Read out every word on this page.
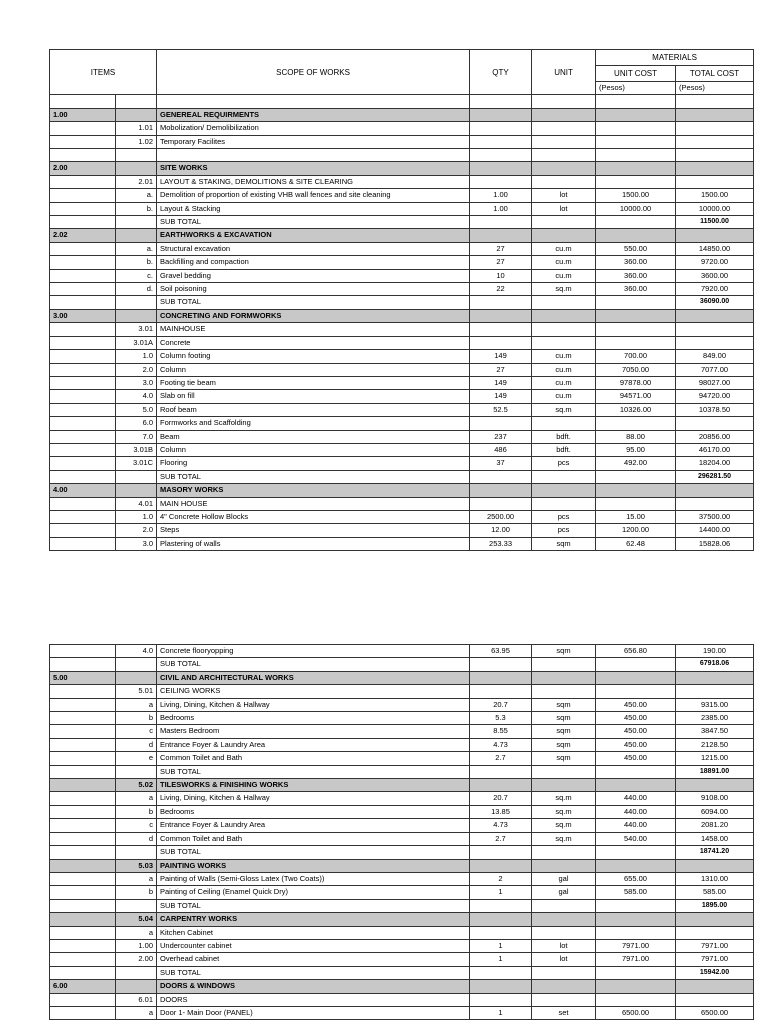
ITEMS		SCOPE OF WORKS	QTY	UNIT	MATERIALS	
					UNIT COST	TOTAL COST
					(Pesos)	(Pesos)

1.00		GENEREAL REQUIRMENTS				
	1.01	Mobolization/ Demolibilization				
	1.02	Temporary Facilites				

2.00		SITE WORKS				
	2.01	LAYOUT & STAKING, DEMOLITIONS & SITE CLEARING				
	a.	Demolition of proportion of existing VHB wall fences and site cleaning	1.00	lot	1500.00	1500.00
	b.	Layout & Stacking	1.00	lot	10000.00	10000.00
		SUB TOTAL				11500.00
2.02		EARTHWORKS & EXCAVATION				
	a.	Structural excavation	27	cu.m	550.00	14850.00
	b.	Backfilling and compaction	27	cu.m	360.00	9720.00
	c.	Gravel bedding	10	cu.m	360.00	3600.00
	d.	Soil poisoning	22	sq.m	360.00	7920.00
		SUB TOTAL				36090.00
3.00		CONCRETING AND FORMWORKS				
	3.01	MAINHOUSE				
	3.01A	Concrete				
	1.0	Column footing	149	cu.m	700.00	849.00
	2.0	Column	27	cu.m	7050.00	7077.00
	3.0	Footing tie beam	149	cu.m	97878.00	98027.00
	4.0	Slab on fill	149	cu.m	94571.00	94720.00
	5.0	Roof beam	52.5	sq.m	10326.00	10378.50
	6.0	Formworks and Scaffolding				
	7.0	Beam	237	bdft.	88.00	20856.00
	3.01B	Column	486	bdft.	95.00	46170.00
	3.01C	Flooring	37	pcs	492.00	18204.00
		SUB TOTAL				296281.50
4.00		MASORY WORKS				
	4.01	MAIN HOUSE				
	1.0	4" Concrete Hollow Blocks	2500.00	pcs	15.00	37500.00
	2.0	Steps	12.00	pcs	1200.00	14400.00
	3.0	Plastering of walls	253.33	sqm	62.48	15828.06
	4.0	Concrete flooryopping	63.95	sqm	656.80	190.00
		SUB TOTAL				67918.06
5.00		CIVIL AND ARCHITECTURAL WORKS				
	5.01	CEILING WORKS				
	a	Living, Dining, Kitchen & Hallway	20.7	sqm	450.00	9315.00
	b	Bedrooms	5.3	sqm	450.00	2385.00
	c	Masters Bedroom	8.55	sqm	450.00	3847.50
	d	Entrance Foyer & Laundry Area	4.73	sqm	450.00	2128.50
	e	Common Toilet and Bath	2.7	sqm	450.00	1215.00
		SUB TOTAL				18891.00
	5.02	TILESWORKS & FINISHING WORKS				
	a	Living, Dining, Kitchen & Hallway	20.7	sq.m	440.00	9108.00
	b	Bedrooms	13.85	sq.m	440.00	6094.00
	c	Entrance Foyer & Laundry Area	4.73	sq.m	440.00	2081.20
	d	Common Toilet and Bath	2.7	sq.m	540.00	1458.00
		SUB TOTAL				18741.20
	5.03	PAINTING WORKS				
	a	Painting of Walls (Semi-Gloss Latex (Two Coats))	2	gal	655.00	1310.00
	b	Painting of Ceiling (Enamel Quick Dry)	1	gal	585.00	585.00
		SUB TOTAL				1895.00
	5.04	CARPENTRY WORKS				
	a	Kitchen Cabinet				
	1.00	Undercounter cabinet	1	lot	7971.00	7971.00
	2.00	Overhead cabinet	1	lot	7971.00	7971.00
		SUB TOTAL				15942.00
6.00		DOORS & WINDOWS				
	6.01	DOORS				
	a	Door 1- Main Door (PANEL)	1	set	6500.00	6500.00
